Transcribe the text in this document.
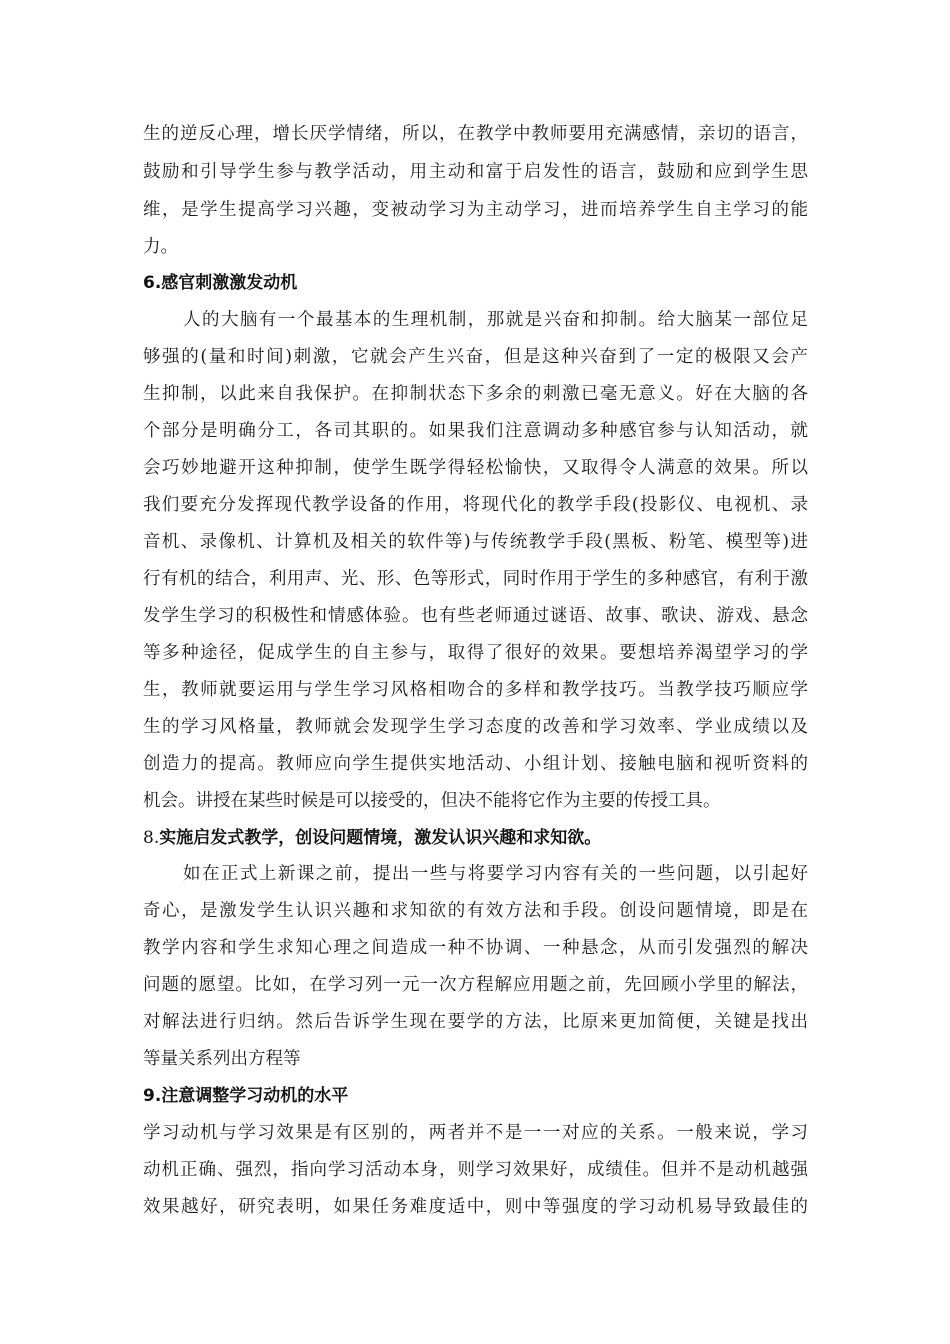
生的逆反心理，增长厌学情绪，所以，在教学中教师要用充满感情，亲切的语言，
鼓励和引导学生参与教学活动，用主动和富于启发性的语言，鼓励和应到学生思
维，是学生提高学习兴趣，变被动学习为主动学习，进而培养学生自主学习的能
力。
6.感官刺激激发动机
人的大脑有一个最基本的生理机制，那就是兴奋和抑制。给大脑某一部位足
够强的(量和时间)刺激，它就会产生兴奋，但是这种兴奋到了一定的极限又会产
生抑制，以此来自我保护。在抑制状态下多余的刺激已毫无意义。好在大脑的各
个部分是明确分工，各司其职的。如果我们注意调动多种感官参与认知活动，就
会巧妙地避开这种抑制，使学生既学得轻松愉快，又取得令人满意的效果。所以
我们要充分发挥现代教学设备的作用，将现代化的教学手段(投影仪、电视机、录
音机、录像机、计算机及相关的软件等)与传统教学手段(黑板、粉笔、模型等)进
行有机的结合，利用声、光、形、色等形式，同时作用于学生的多种感官，有利于激
发学生学习的积极性和情感体验。也有些老师通过谜语、故事、歌诀、游戏、悬念
等多种途径，促成学生的自主参与，取得了很好的效果。要想培养渴望学习的学
生，教师就要运用与学生学习风格相吻合的多样和教学技巧。当教学技巧顺应学
生的学习风格量，教师就会发现学生学习态度的改善和学习效率、学业成绩以及
创造力的提高。教师应向学生提供实地活动、小组计划、接触电脑和视听资料的
机会。讲授在某些时候是可以接受的，但决不能将它作为主要的传授工具。
8.实施启发式教学，创设问题情境，激发认识兴趣和求知欲。
如在正式上新课之前，提出一些与将要学习内容有关的一些问题，以引起好
奇心，是激发学生认识兴趣和求知欲的有效方法和手段。创设问题情境，即是在
教学内容和学生求知心理之间造成一种不协调、一种悬念，从而引发强烈的解决
问题的愿望。比如，在学习列一元一次方程解应用题之前，先回顾小学里的解法，
对解法进行归纳。然后告诉学生现在要学的方法，比原来更加简便，关键是找出
等量关系列出方程等
9.注意调整学习动机的水平
学习动机与学习效果是有区别的，两者并不是一一对应的关系。一般来说，学习
动机正确、强烈，指向学习活动本身，则学习效果好，成绩佳。但并不是动机越强
效果越好，研究表明，如果任务难度适中，则中等强度的学习动机易导致最佳的
